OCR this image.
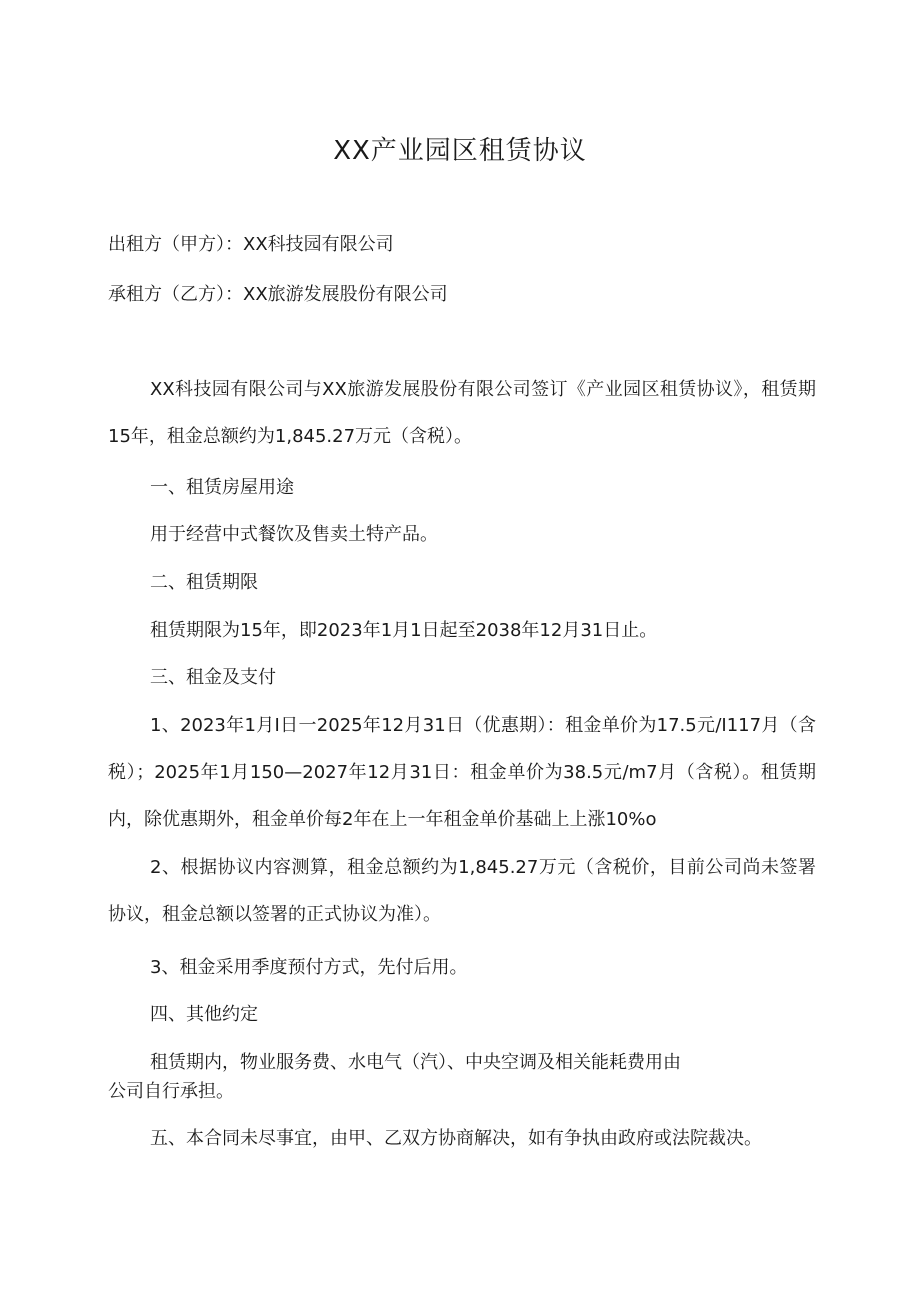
XX产业园区租赁协议

出租方（甲方）：XX科技园有限公司

承租方（乙方）：XX旅游发展股份有限公司

XX科技园有限公司与XX旅游发展股份有限公司签订《产业园区租赁协议》，租赁期15年，租金总额约为1,845.27万元（含税）。

一、租赁房屋用途

用于经营中式餐饮及售卖土特产品。

二、租赁期限

租赁期限为15年，即2023年1月1日起至2038年12月31日止。

三、租金及支付

1、2023年1月I日一2025年12月31日（优惠期）：租金单价为17.5元/I117月（含税）；2025年1月150—2027年12月31日：租金单价为38.5元/m7月（含税）。租赁期内，除优惠期外，租金单价每2年在上一年租金单价基础上上涨10%o

2、根据协议内容测算，租金总额约为1,845.27万元（含税价，目前公司尚未签署协议，租金总额以签署的正式协议为准）。

3、租金采用季度预付方式，先付后用。

四、其他约定

租赁期内，物业服务费、水电气（汽）、中央空调及相关能耗费用由

公司自行承担。

五、本合同未尽事宜，由甲、乙双方协商解决，如有争执由政府或法院裁决。
